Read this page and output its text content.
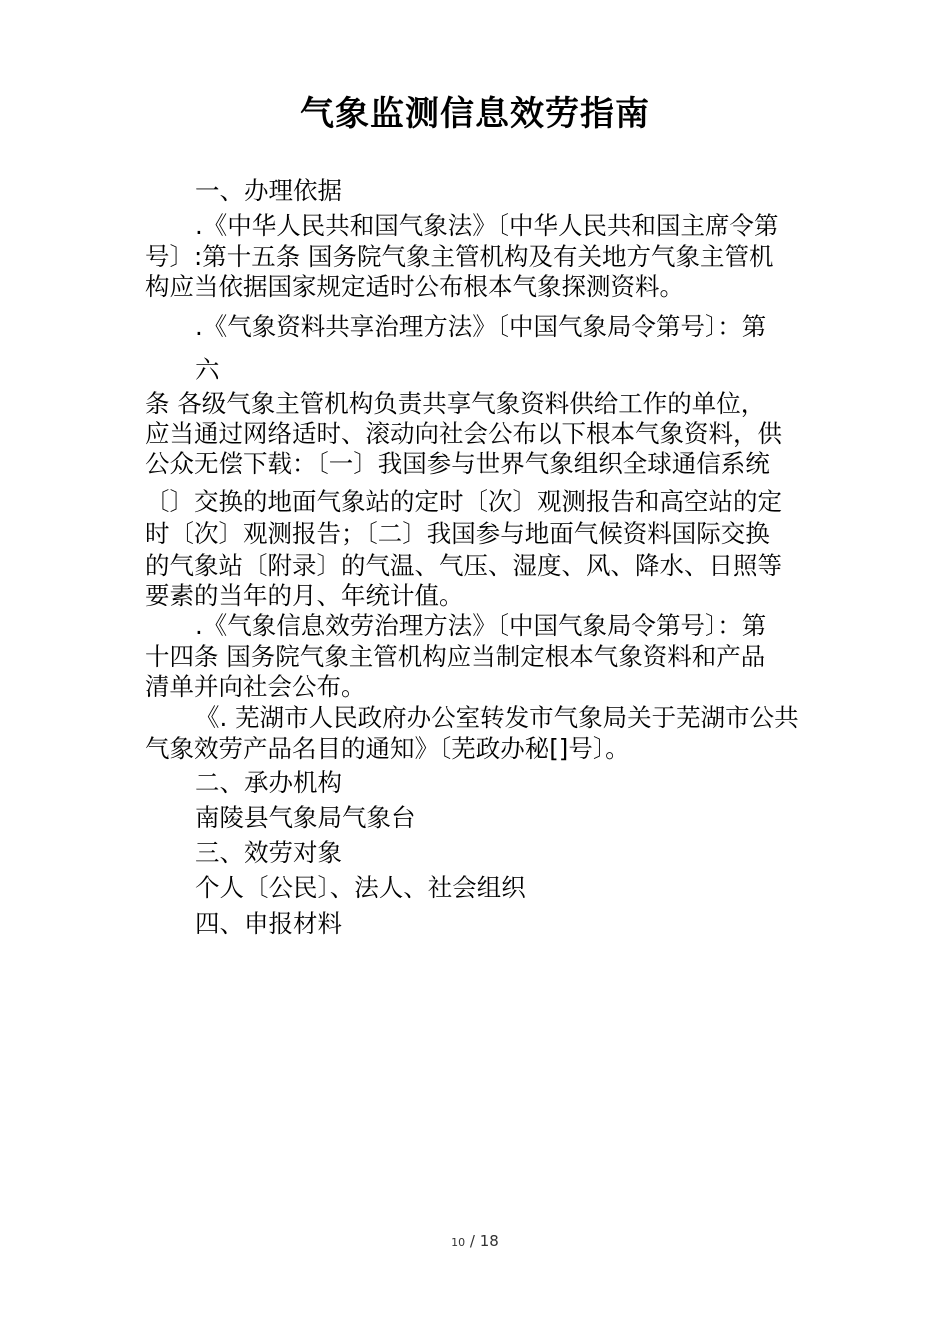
气象监测信息效劳指南
一、办理依据
.《中华人民共和国气象法》〔中华人民共和国主席令第
号〕:第十五条 国务院气象主管机构及有关地方气象主管机
构应当依据国家规定适时公布根本气象探测资料。
.《气象资料共享治理方法》〔中国气象局令第号〕：第
六
条 各级气象主管机构负责共享气象资料供给工作的单位，
应当通过网络适时、滚动向社会公布以下根本气象资料，供
公众无偿下载：〔一〕我国参与世界气象组织全球通信系统
〔〕交换的地面气象站的定时〔次〕观测报告和高空站的定
时〔次〕观测报告；〔二〕我国参与地面气候资料国际交换
的气象站〔附录〕的气温、气压、湿度、风、降水、日照等
要素的当年的月、年统计值。
.《气象信息效劳治理方法》〔中国气象局令第号〕：第
十四条 国务院气象主管机构应当制定根本气象资料和产品
清单并向社会公布。
《. 芜湖市人民政府办公室转发市气象局关于芜湖市公共
气象效劳产品名目的通知》〔芜政办秘[]号〕。
二、承办机构
南陵县气象局气象台
三、效劳对象
个人〔公民〕、法人、社会组织
四、申报材料
10 / 18
